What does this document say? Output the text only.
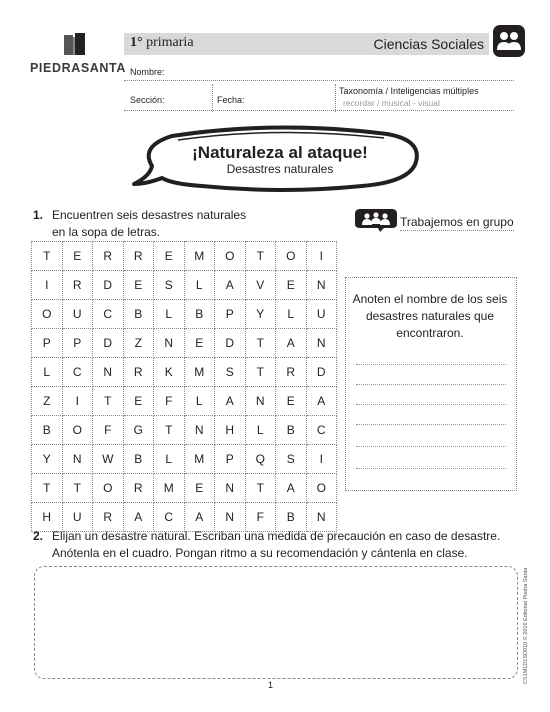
PIEDRASANTA
1° primaria	Ciencias Sociales
Nombre:
Sección:	Fecha:
Taxonomía / Inteligencias múltiples
recordar / musical - visual
¡Naturaleza al ataque!
Desastres naturales
1. Encuentren seis desastres naturales
en la sopa de letras.
Trabajemos en grupo
T	E	R	R	E	M	O	T	O	I
I	R	D	E	S	L	A	V	E	N
O	U	C	B	L	B	P	Y	L	U
P	P	D	Z	N	E	D	T	A	N
L	C	N	R	K	M	S	T	R	D
Z	I	T	E	F	L	A	N	E	A
B	O	F	G	T	N	H	L	B	C
Y	N	W	B	L	M	P	Q	S	I
T	T	O	R	M	E	N	T	A	O
H	U	R	A	C	A	N	F	B	N
Anoten el nombre de los seis desastres naturales que encontraron.
2. Elijan un desastre natural. Escriban una medida de precaución en caso de desastre.
Anótenla en el cuadro. Pongan ritmo a su recomendación y cántenla en clase.
CS1M1D1SD010 © 2016 Editorial Piedra Santa
1
